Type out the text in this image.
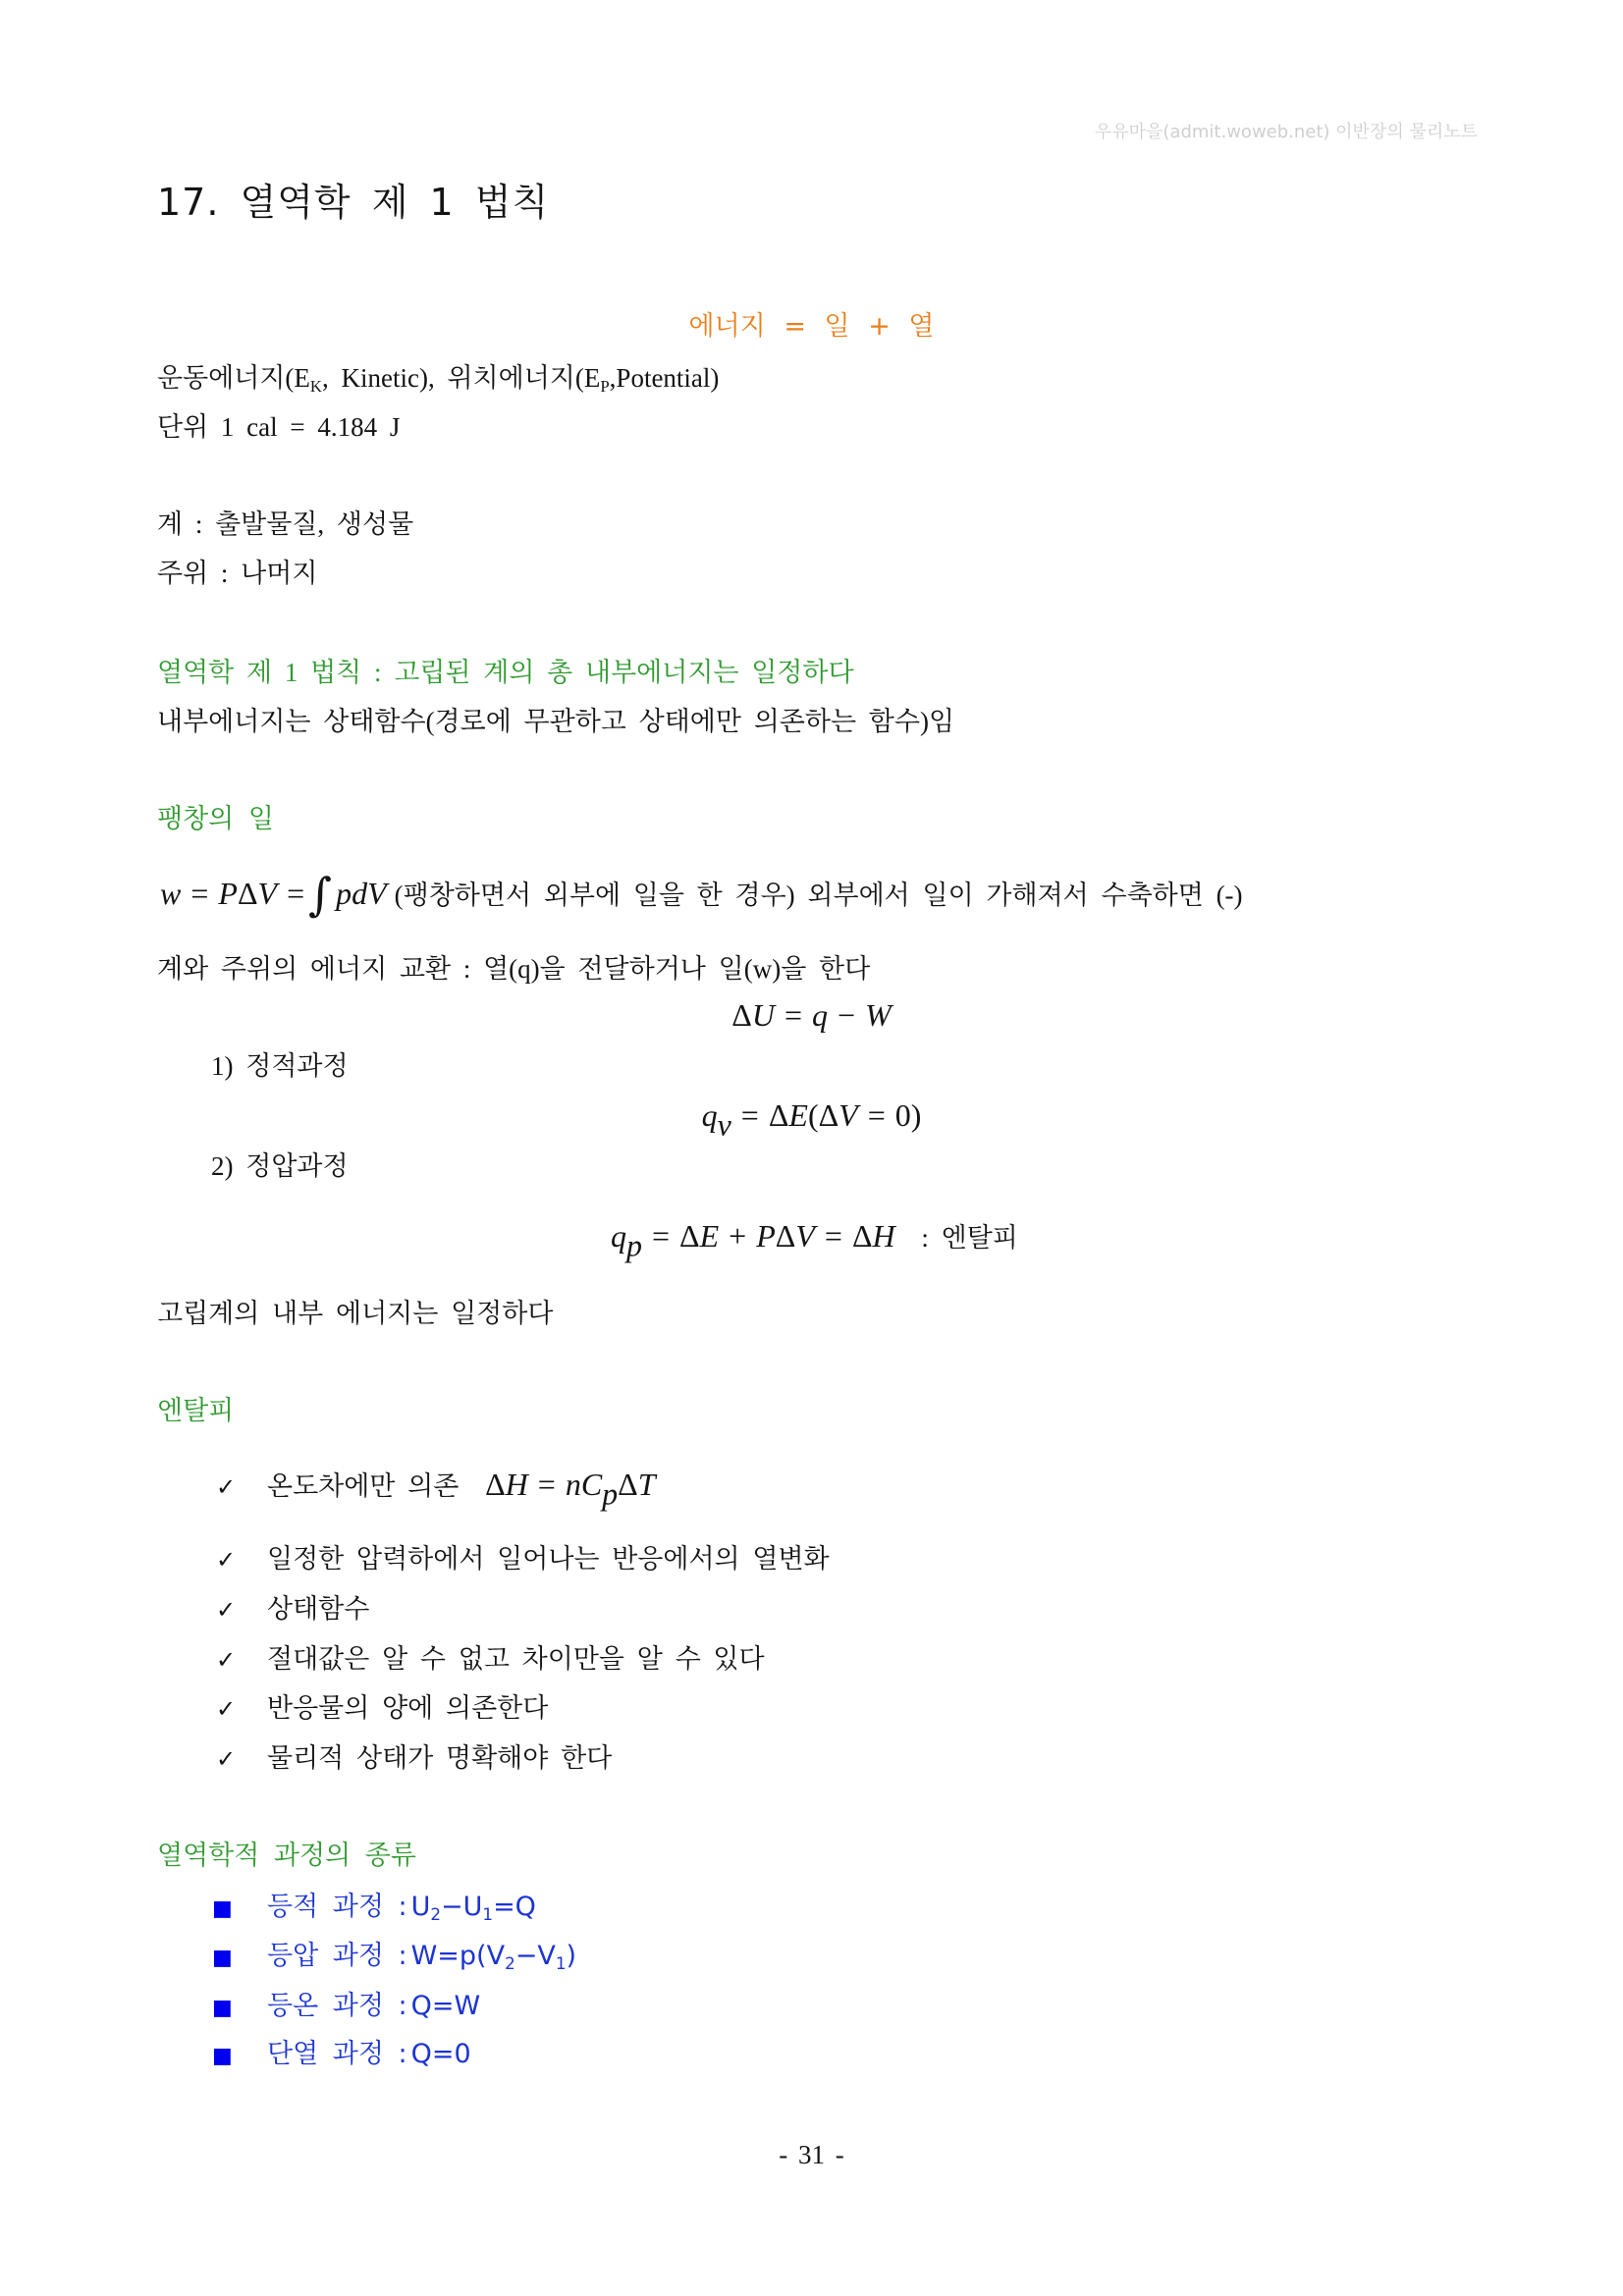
우유마을(admit.woweb.net) 이반장의 물리노트
17. 열역학 제 1 법칙
에너지 = 일 + 열
운동에너지($E_K$, Kinetic), 위치에너지$(E_P,Potential)$
단위 1 cal = 4.184 J
계 : 출발물질, 생성물
주위 : 나머지
열역학 제 1 법칙 : 고립된 계의 총 내부에너지는 일정하다
내부에너지는 상태함수(경로에 무관하고 상태에만 의존하는 함수)임
팽창의 일
w = PΔV =∫ pdV (팽창하면서 외부에 일을 한 경우) 외부에서 일이 가해져서 수축하면 (-)
계와 주위의 에너지 교환 : 열(q)을 전달하거나 일(w)을 한다
ΔU = q − W
1) 정적과정
$q_v = \Delta E(\Delta V = 0)$
2) 정압과정
$q_p = \Delta E + P\Delta V = \Delta H$ : 엔탈피
고립계의 내부 에너지는 일정하다
엔탈피
✓ 온도차에만 의존 $\Delta H = nC_p\Delta T$
✓ 일정한 압력하에서 일어나는 반응에서의 열변화
✓ 상태함수
✓ 절대값은 알 수 없고 차이만을 알 수 있다
✓ 반응물의 양에 의존한다
✓ 물리적 상태가 명확해야 한다
열역학적 과정의 종류
■ 등적 과정 : $U_2-U_1=Q$
■ 등압 과정 : $W=p(V_2-V_1)$
■ 등온 과정 : Q=W
■ 단열 과정 : Q=0
- 31 -
